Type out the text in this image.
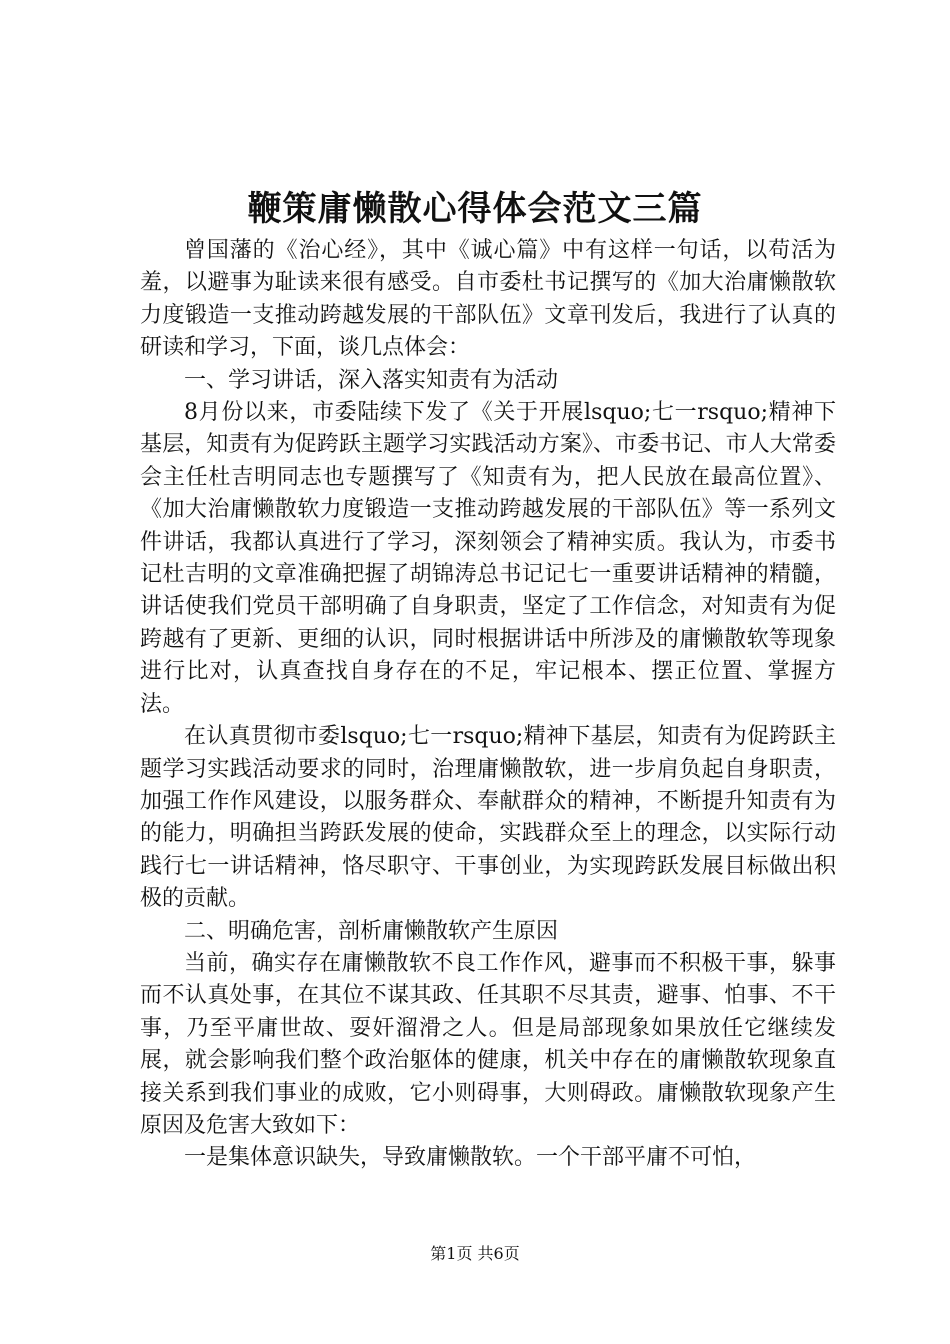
鞭策庸懒散心得体会范文三篇

曾国藩的《治心经》，其中《诚心篇》中有这样一句话，以苟活为羞，以避事为耻读来很有感受。自市委杜书记撰写的《加大治庸懒散软力度锻造一支推动跨越发展的干部队伍》文章刊发后，我进行了认真的研读和学习，下面，谈几点体会：

一、学习讲话，深入落实知责有为活动

8月份以来，市委陆续下发了《关于开展lsquo;七一rsquo;精神下基层，知责有为促跨跃主题学习实践活动方案》、市委书记、市人大常委会主任杜吉明同志也专题撰写了《知责有为，把人民放在最高位置》、《加大治庸懒散软力度锻造一支推动跨越发展的干部队伍》等一系列文件讲话，我都认真进行了学习，深刻领会了精神实质。我认为，市委书记杜吉明的文章准确把握了胡锦涛总书记记七一重要讲话精神的精髓，讲话使我们党员干部明确了自身职责，坚定了工作信念，对知责有为促跨越有了更新、更细的认识，同时根据讲话中所涉及的庸懒散软等现象进行比对，认真查找自身存在的不足，牢记根本、摆正位置、掌握方法。

在认真贯彻市委lsquo;七一rsquo;精神下基层，知责有为促跨跃主题学习实践活动要求的同时，治理庸懒散软，进一步肩负起自身职责，加强工作作风建设，以服务群众、奉献群众的精神，不断提升知责有为的能力，明确担当跨跃发展的使命，实践群众至上的理念，以实际行动践行七一讲话精神，恪尽职守、干事创业，为实现跨跃发展目标做出积极的贡献。

二、明确危害，剖析庸懒散软产生原因

当前，确实存在庸懒散软不良工作作风，避事而不积极干事，躲事而不认真处事，在其位不谋其政、任其职不尽其责，避事、怕事、不干事，乃至平庸世故、耍奸溜滑之人。但是局部现象如果放任它继续发展，就会影响我们整个政治躯体的健康，机关中存在的庸懒散软现象直接关系到我们事业的成败，它小则碍事，大则碍政。庸懒散软现象产生原因及危害大致如下：

一是集体意识缺失，导致庸懒散软。一个干部平庸不可怕，

第1页 共6页
